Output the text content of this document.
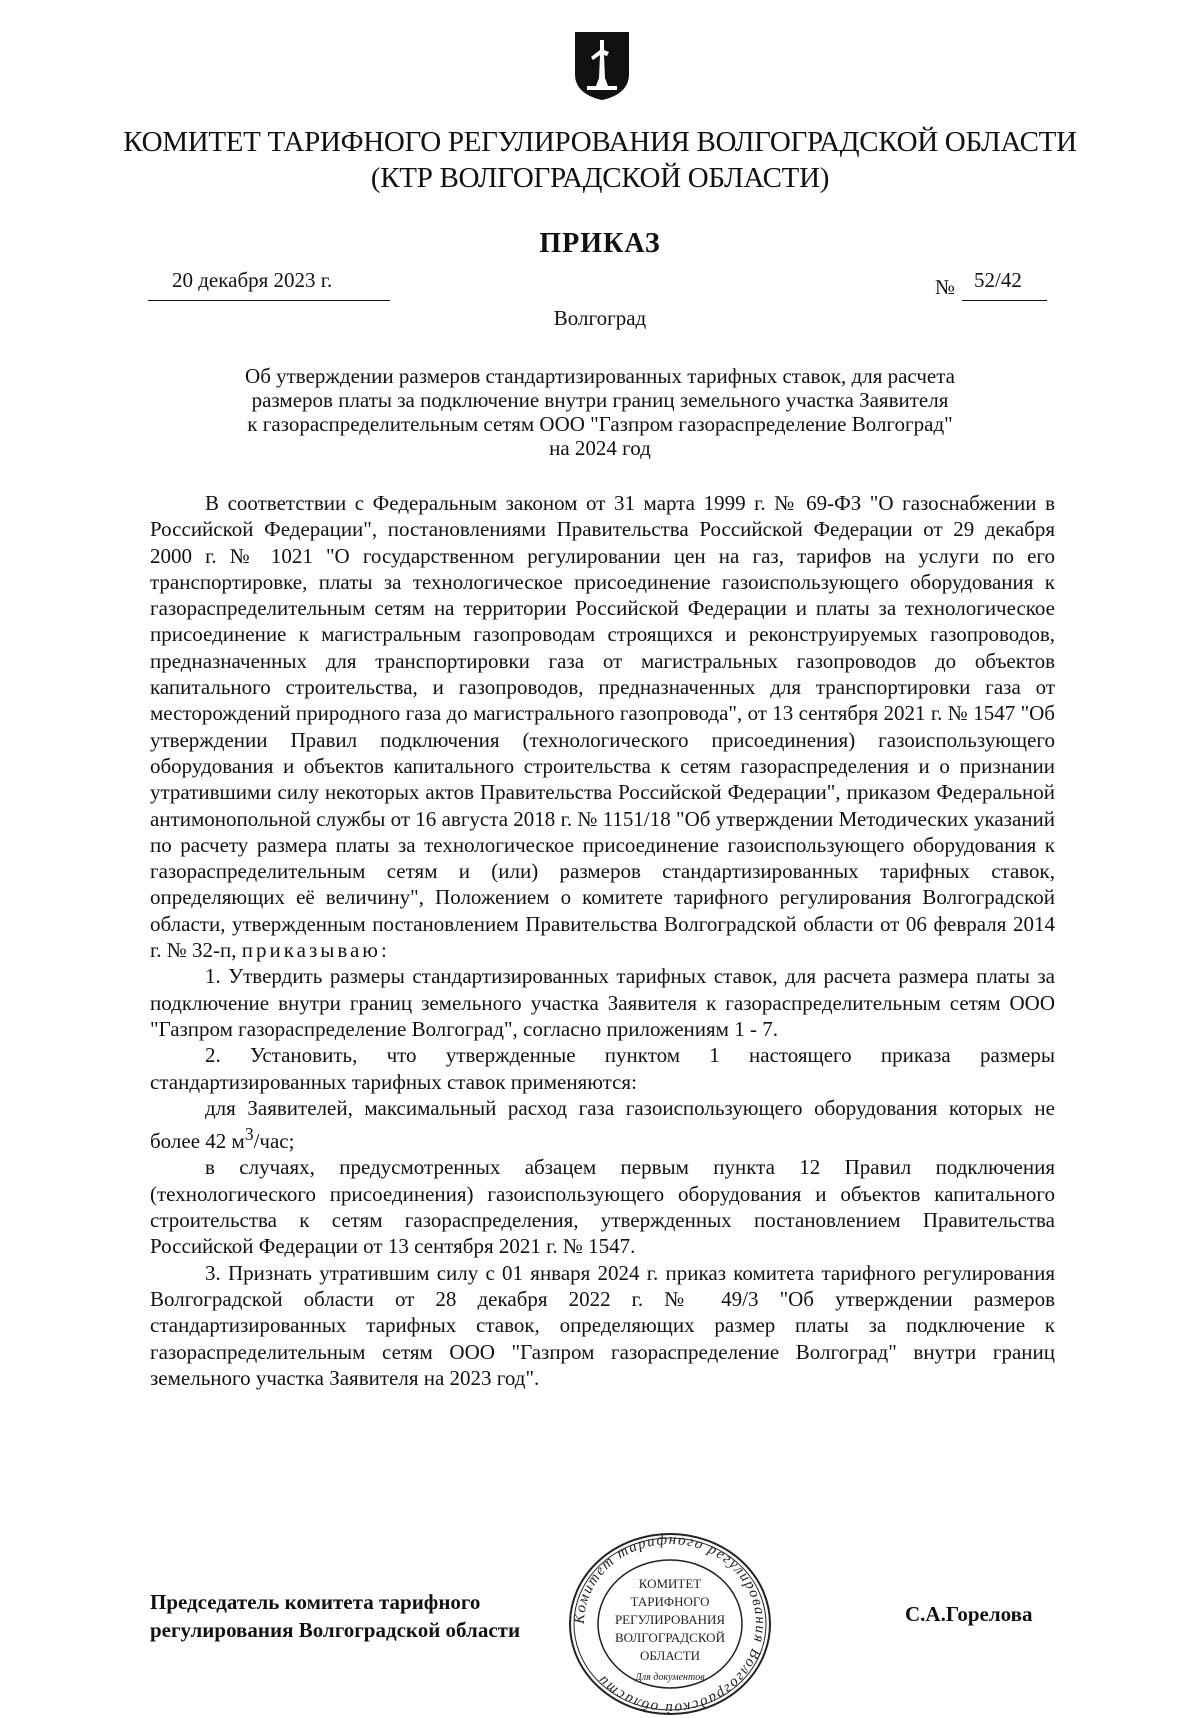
КОМИТЕТ ТАРИФНОГО РЕГУЛИРОВАНИЯ ВОЛГОГРАДСКОЙ ОБЛАСТИ
(КТР ВОЛГОГРАДСКОЙ ОБЛАСТИ)
ПРИКАЗ
20 декабря 2023 г.	№ 52/42
Волгоград
Об утверждении размеров стандартизированных тарифных ставок, для расчета
размеров платы за подключение внутри границ земельного участка Заявителя
к газораспределительным сетям ООО "Газпром газораспределение Волгоград"
на 2024 год

В соответствии с Федеральным законом от 31 марта 1999 г. № 69-ФЗ "О газоснабжении в Российской Федерации", постановлениями Правительства Российской Федерации от 29 декабря 2000 г. № 1021 "О государственном регулировании цен на газ, тарифов на услуги по его транспортировке, платы за технологическое присоединение газоиспользующего оборудования к газораспределительным сетям на территории Российской Федерации и платы за технологическое присоединение к магистральным газопроводам строящихся и реконструируемых газопроводов, предназначенных для транспортировки газа от магистральных газопроводов до объектов капитального строительства, и газопроводов, предназначенных для транспортировки газа от месторождений природного газа до магистрального газопровода", от 13 сентября 2021 г. № 1547 "Об утверждении Правил подключения (технологического присоединения) газоиспользующего оборудования и объектов капитального строительства к сетям газораспределения и о признании утратившими силу некоторых актов Правительства Российской Федерации", приказом Федеральной антимонопольной службы от 16 августа 2018 г. № 1151/18 "Об утверждении Методических указаний по расчету размера платы за технологическое присоединение газоиспользующего оборудования к газораспределительным сетям и (или) размеров стандартизированных тарифных ставок, определяющих её величину", Положением о комитете тарифного регулирования Волгоградской области, утвержденным постановлением Правительства Волгоградской области от 06 февраля 2014 г. № 32-п, приказываю:

1. Утвердить размеры стандартизированных тарифных ставок, для расчета размера платы за подключение внутри границ земельного участка Заявителя к газораспределительным сетям ООО "Газпром газораспределение Волгоград", согласно приложениям 1 - 7.

2. Установить, что утвержденные пунктом 1 настоящего приказа размеры стандартизированных тарифных ставок применяются:

для Заявителей, максимальный расход газа газоиспользующего оборудования которых не более 42 $м^3$/час;

в случаях, предусмотренных абзацем первым пункта 12 Правил подключения (технологического присоединения) газоиспользующего оборудования и объектов капитального строительства к сетям газораспределения, утвержденных постановлением Правительства Российской Федерации от 13 сентября 2021 г. № 1547.

3. Признать утратившим силу с 01 января 2024 г. приказ комитета тарифного регулирования Волгоградской области от 28 декабря 2022 г. № 49/3 "Об утверждении размеров стандартизированных тарифных ставок, определяющих размер платы за подключение к газораспределительным сетям ООО "Газпром газораспределение Волгоград" внутри границ земельного участка Заявителя на 2023 год".

Председатель комитета тарифного
регулирования Волгоградской области
С.А.Горелова
Комитет тарифного регулирования Волгоградской области
КОМИТЕТ
ТАРИФНОГО
РЕГУЛИРОВАНИЯ
ВОЛГОГРАДСКОЙ
ОБЛАСТИ
Для документов
